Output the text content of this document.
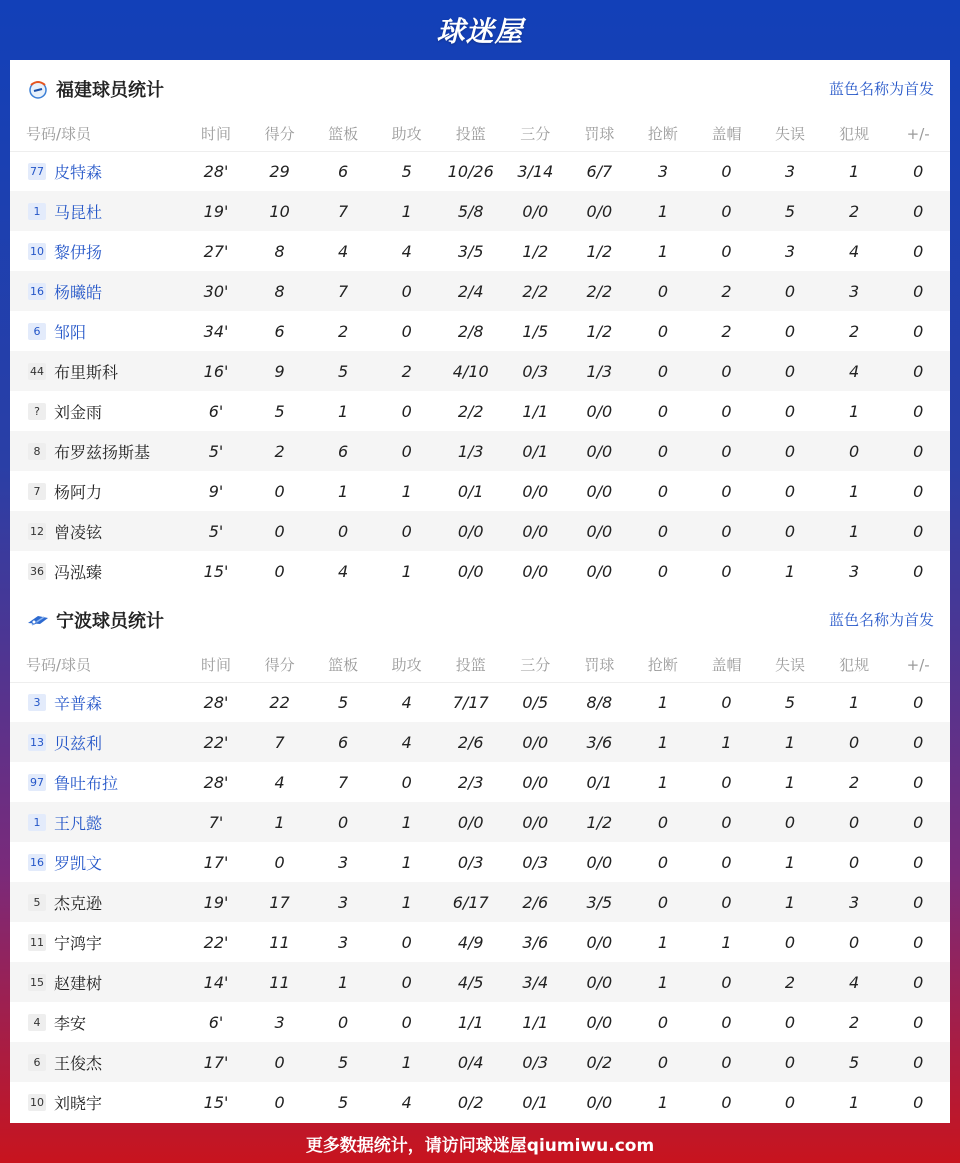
球迷屋
福建球员统计	蓝色名称为首发
号码/球员	时间	得分	篮板	助攻	投篮	三分	罚球	抢断	盖帽	失误	犯规	+/-
77 皮特森	28'	29	6	5	10/26	3/14	6/7	3	0	3	1	0
1 马昆杜	19'	10	7	1	5/8	0/0	0/0	1	0	5	2	0
10 黎伊扬	27'	8	4	4	3/5	1/2	1/2	1	0	3	4	0
16 杨曦皓	30'	8	7	0	2/4	2/2	2/2	0	2	0	3	0
6 邹阳	34'	6	2	0	2/8	1/5	1/2	0	2	0	2	0
44 布里斯科	16'	9	5	2	4/10	0/3	1/3	0	0	0	4	0
? 刘金雨	6'	5	1	0	2/2	1/1	0/0	0	0	0	1	0
8 布罗兹扬斯基	5'	2	6	0	1/3	0/1	0/0	0	0	0	0	0
7 杨阿力	9'	0	1	1	0/1	0/0	0/0	0	0	0	1	0
12 曾凌铉	5'	0	0	0	0/0	0/0	0/0	0	0	0	1	0
36 冯泓臻	15'	0	4	1	0/0	0/0	0/0	0	0	1	3	0
宁波球员统计	蓝色名称为首发
号码/球员	时间	得分	篮板	助攻	投篮	三分	罚球	抢断	盖帽	失误	犯规	+/-
3 辛普森	28'	22	5	4	7/17	0/5	8/8	1	0	5	1	0
13 贝兹利	22'	7	6	4	2/6	0/0	3/6	1	1	1	0	0
97 鲁吐布拉	28'	4	7	0	2/3	0/0	0/1	1	0	1	2	0
1 王凡懿	7'	1	0	1	0/0	0/0	1/2	0	0	0	0	0
16 罗凯文	17'	0	3	1	0/3	0/3	0/0	0	0	1	0	0
5 杰克逊	19'	17	3	1	6/17	2/6	3/5	0	0	1	3	0
11 宁鸿宇	22'	11	3	0	4/9	3/6	0/0	1	1	0	0	0
15 赵建树	14'	11	1	0	4/5	3/4	0/0	1	0	2	4	0
4 李安	6'	3	0	0	1/1	1/1	0/0	0	0	0	2	0
6 王俊杰	17'	0	5	1	0/4	0/3	0/2	0	0	0	5	0
10 刘晓宇	15'	0	5	4	0/2	0/1	0/0	1	0	0	1	0
更多数据统计，请访问球迷屋qiumiwu.com
